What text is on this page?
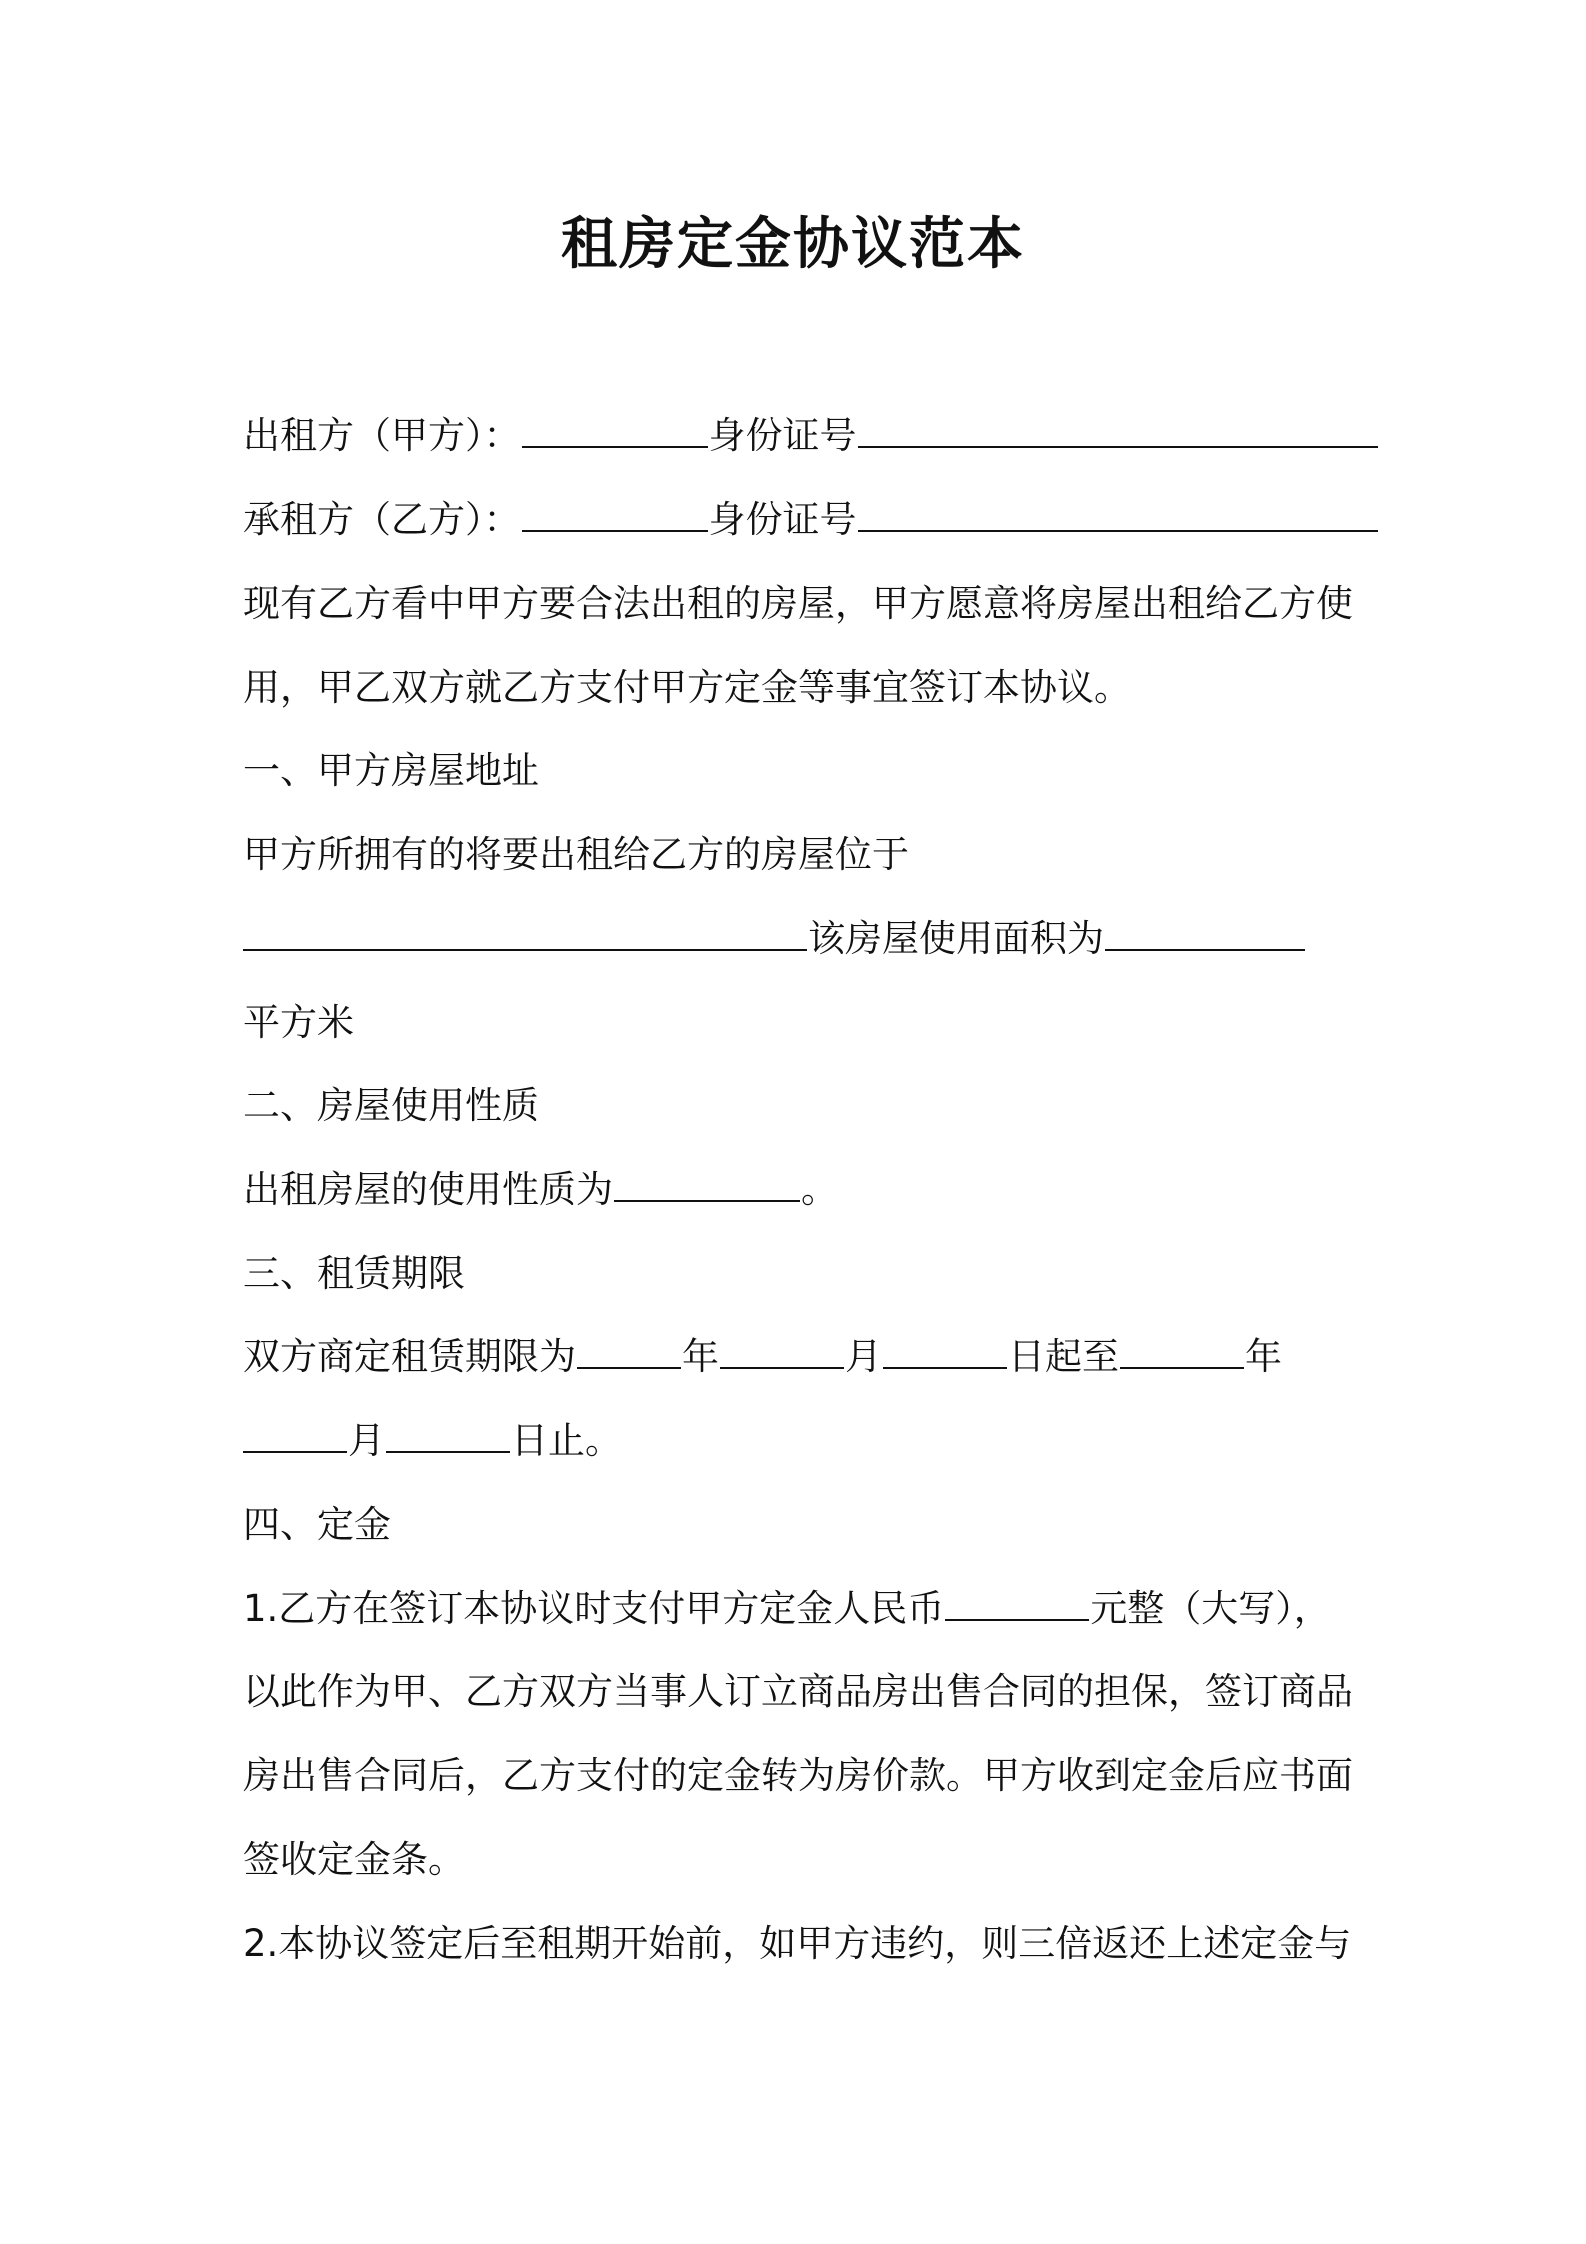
租房定金协议范本
出租方（甲方）：	身份证号
承租方（乙方）：	身份证号
现有乙方看中甲方要合法出租的房屋，甲方愿意将房屋出租给乙方使
用，甲乙双方就乙方支付甲方定金等事宜签订本协议。
一、甲方房屋地址
甲方所拥有的将要出租给乙方的房屋位于
该房屋使用面积为
平方米
二、房屋使用性质
出租房屋的使用性质为	。
三、租赁期限
双方商定租赁期限为	年	月	日起至	年
月	日止。
四、定金
1.乙方在签订本协议时支付甲方定金人民币	元整（大写），
以此作为甲、乙方双方当事人订立商品房出售合同的担保，签订商品
房出售合同后，乙方支付的定金转为房价款。甲方收到定金后应书面
签收定金条。
2.本协议签定后至租期开始前，如甲方违约，则三倍返还上述定金与
